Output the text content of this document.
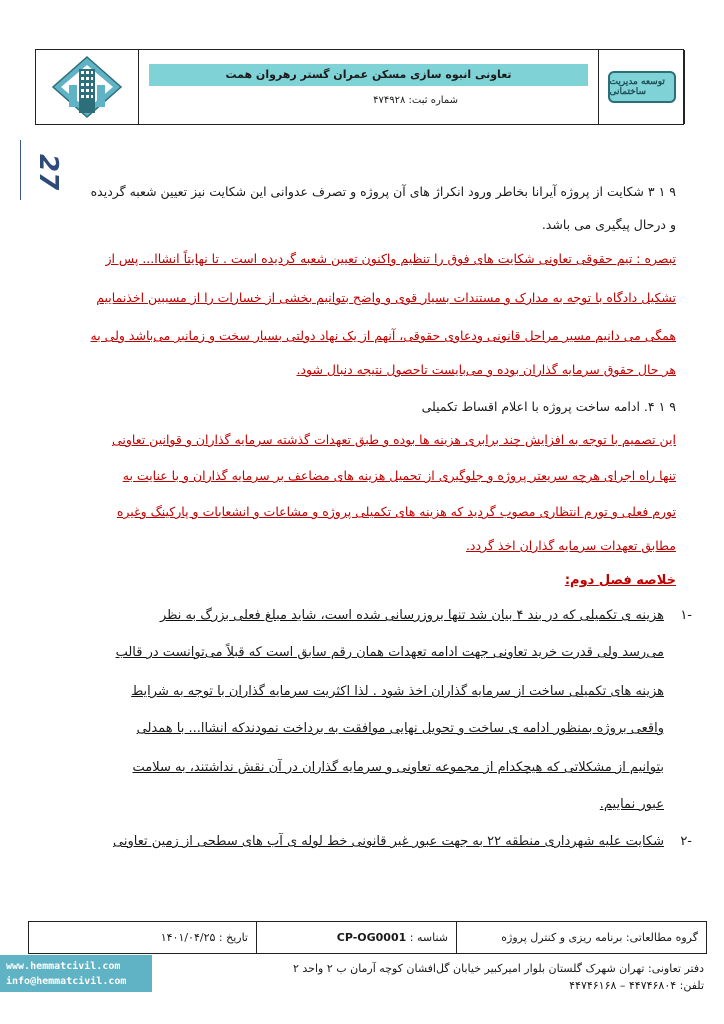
تعاونی انبوه سازی مسکن عمران گستر رهروان همت
شماره ثبت: ۴۷۴۹۲۸
توسعه مدیریت ساختمانی
27
۹ ۱ ۳ شکایت از پروژه آیرانا بخاطر ورود انکراژ های آن پروژه و تصرف عدوانی این شکایت نیز تعیین شعبه گردیده
و درحال پیگیری می باشد.
تبصره : تیم حقوقی تعاونی شکایت های فوق را تنظیم واکنون تعیین شعبه گردیده است . تا نهایتاً انشاا... پس از
تشکیل دادگاه با توجه به مدارک و مستندات بسیار قوی و واضح بتوانیم بخشی از خسارات را از مسببین اخذنماییم
همگی می دانیم مسیر مراحل قانونی ودعاوی حقوقی، آنهم از یک نهاد دولتی بسیار سخت و زمانبر می‌باشد ولی به
هر حال حقوق سرمایه گذاران بوده و می‌بایست تاحصول نتیجه دنبال شود.
۹ ۱ ۴. ادامه ساخت پروژه با اعلام اقساط تکمیلی
این تصمیم با توجه به افزایش چند برابری هزینه ها بوده و طبق تعهدات گذشته سرمایه گذاران و قوانین تعاونی
تنها راه اجرای هرچه سریعتر پروژه و جلوگیری از تحمیل هزینه های مضاعف بر سرمایه گذاران و با عنایت به
تورم فعلی و تورم انتظاری مصوب گردید که هزینه های تکمیلی پروژه و مشاعات و انشعابات و پارکینگ وغیره
مطابق تعهدات سرمایه گذاران اخذ گردد.
خلاصه فصل دوم:
-۱
هزینه ی تکمیلی که در بند ۴ بیان شد تنها بروزرسانی شده است، شاید مبلغ فعلی بزرگ به نظر
می‌رسد ولی قدرت خرید تعاونی جهت ادامه تعهدات همان رقم سابق است که قبلاً می‌توانست در قالب
هزینه های تکمیلی ساخت از سرمایه گذاران اخذ شود . لذا اکثریت سرمایه گذاران با توجه به شرایط
واقعی بروژه بمنظور ادامه ی ساخت و تحویل نهایی موافقت به برداخت نمودندکه انشاا... با همدلی
بتوانیم از مشکلاتی که هیچکدام از مجموعه تعاونی و سرمایه گذاران در آن نقش نداشتند، به سلامت
عبور نماییم.
-۲
شکایت علیه شهرداری منطقه ۲۲ به جهت عبور غیر قانونی خط لوله ی آب های سطحی از زمین تعاونی
گروه مطالعاتی: برنامه ریزی و کنترل پروژه
شناسه :

CP-OG0001
تاریخ : ۱۴۰۱/۰۴/۲۵
www.hemmatcivil.com
info@hemmatcivil.com
دفتر تعاونی: تهران شهرک گلستان بلوار امیرکبیر خیابان گل‌افشان کوچه آرمان ب ۲ واحد ۲
تلفن: ۴۴۷۴۶۸۰۴ – ۴۴۷۴۶۱۶۸
